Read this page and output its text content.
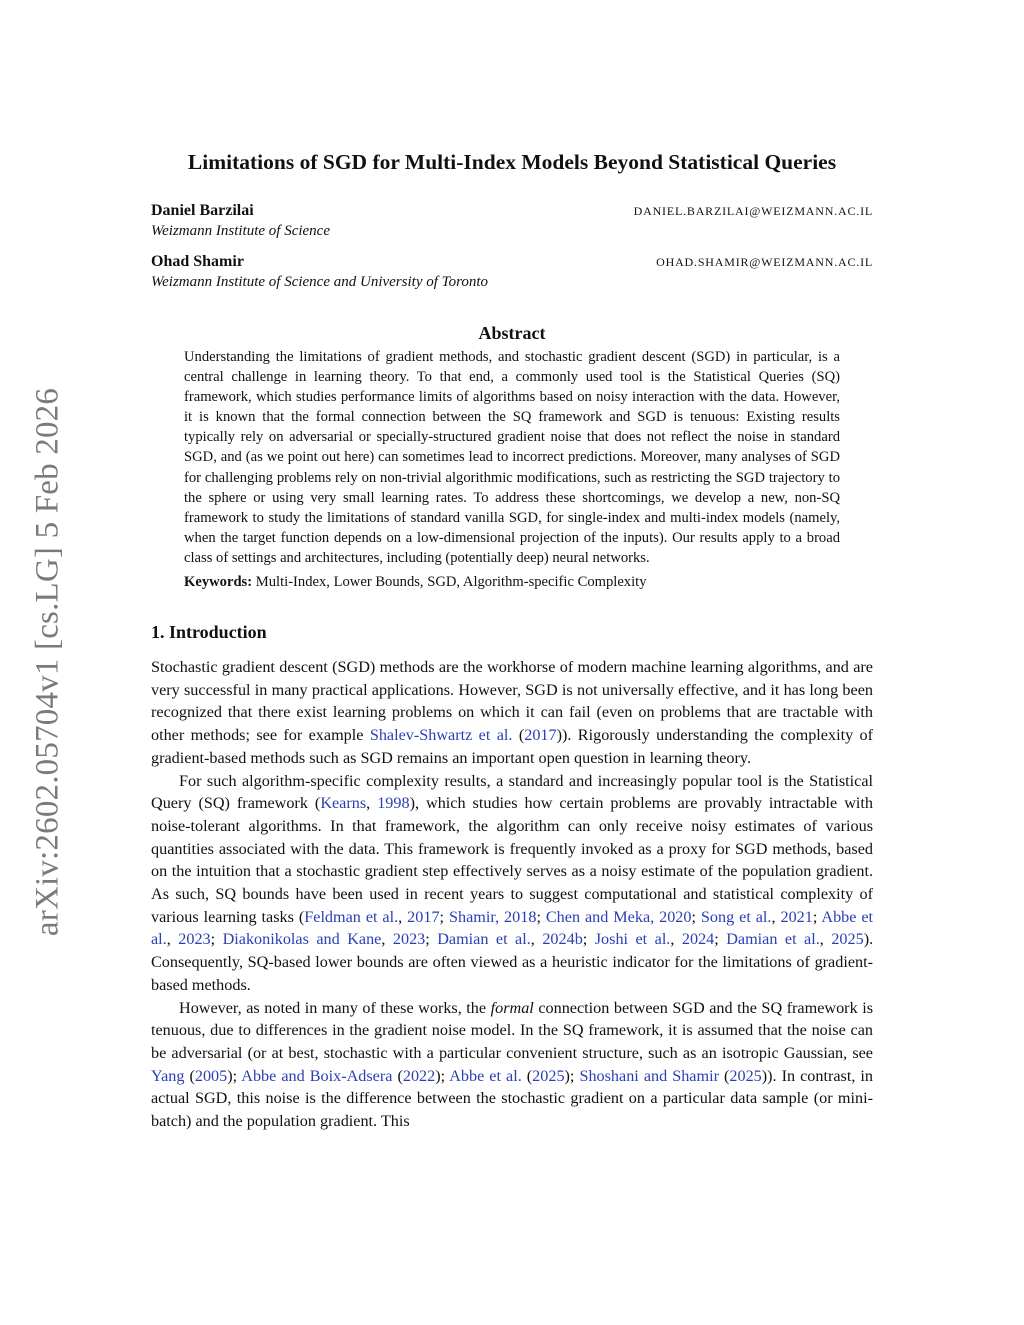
arXiv:2602.05704v1 [cs.LG] 5 Feb 2026
Limitations of SGD for Multi-Index Models Beyond Statistical Queries
Daniel Barzilai	DANIEL.BARZILAI@WEIZMANN.AC.IL
Weizmann Institute of Science
Ohad Shamir	OHAD.SHAMIR@WEIZMANN.AC.IL
Weizmann Institute of Science and University of Toronto
Abstract

Understanding the limitations of gradient methods, and stochastic gradient descent (SGD) in particular, is a central challenge in learning theory. To that end, a commonly used tool is the Statistical Queries (SQ) framework, which studies performance limits of algorithms based on noisy interaction with the data. However, it is known that the formal connection between the SQ framework and SGD is tenuous: Existing results typically rely on adversarial or specially-structured gradient noise that does not reflect the noise in standard SGD, and (as we point out here) can sometimes lead to incorrect predictions. Moreover, many analyses of SGD for challenging problems rely on non-trivial algorithmic modifications, such as restricting the SGD trajectory to the sphere or using very small learning rates. To address these shortcomings, we develop a new, non-SQ framework to study the limitations of standard vanilla SGD, for single-index and multi-index models (namely, when the target function depends on a low-dimensional projection of the inputs). Our results apply to a broad class of settings and architectures, including (potentially deep) neural networks.

Keywords: Multi-Index, Lower Bounds, SGD, Algorithm-specific Complexity
1. Introduction

Stochastic gradient descent (SGD) methods are the workhorse of modern machine learning algorithms, and are very successful in many practical applications. However, SGD is not universally effective, and it has long been recognized that there exist learning problems on which it can fail (even on problems that are tractable with other methods; see for example Shalev-Shwartz et al. (2017)). Rigorously understanding the complexity of gradient-based methods such as SGD remains an important open question in learning theory.

For such algorithm-specific complexity results, a standard and increasingly popular tool is the Statistical Query (SQ) framework (Kearns, 1998), which studies how certain problems are provably intractable with noise-tolerant algorithms. In that framework, the algorithm can only receive noisy estimates of various quantities associated with the data. This framework is frequently invoked as a proxy for SGD methods, based on the intuition that a stochastic gradient step effectively serves as a noisy estimate of the population gradient. As such, SQ bounds have been used in recent years to suggest computational and statistical complexity of various learning tasks (Feldman et al., 2017; Shamir, 2018; Chen and Meka, 2020; Song et al., 2021; Abbe et al., 2023; Diakonikolas and Kane, 2023; Damian et al., 2024b; Joshi et al., 2024; Damian et al., 2025). Consequently, SQ-based lower bounds are often viewed as a heuristic indicator for the limitations of gradient-based methods.

However, as noted in many of these works, the formal connection between SGD and the SQ framework is tenuous, due to differences in the gradient noise model. In the SQ framework, it is assumed that the noise can be adversarial (or at best, stochastic with a particular convenient structure, such as an isotropic Gaussian, see Yang (2005); Abbe and Boix-Adsera (2022); Abbe et al. (2025); Shoshani and Shamir (2025)). In contrast, in actual SGD, this noise is the difference between the stochastic gradient on a particular data sample (or mini-batch) and the population gradient. This
